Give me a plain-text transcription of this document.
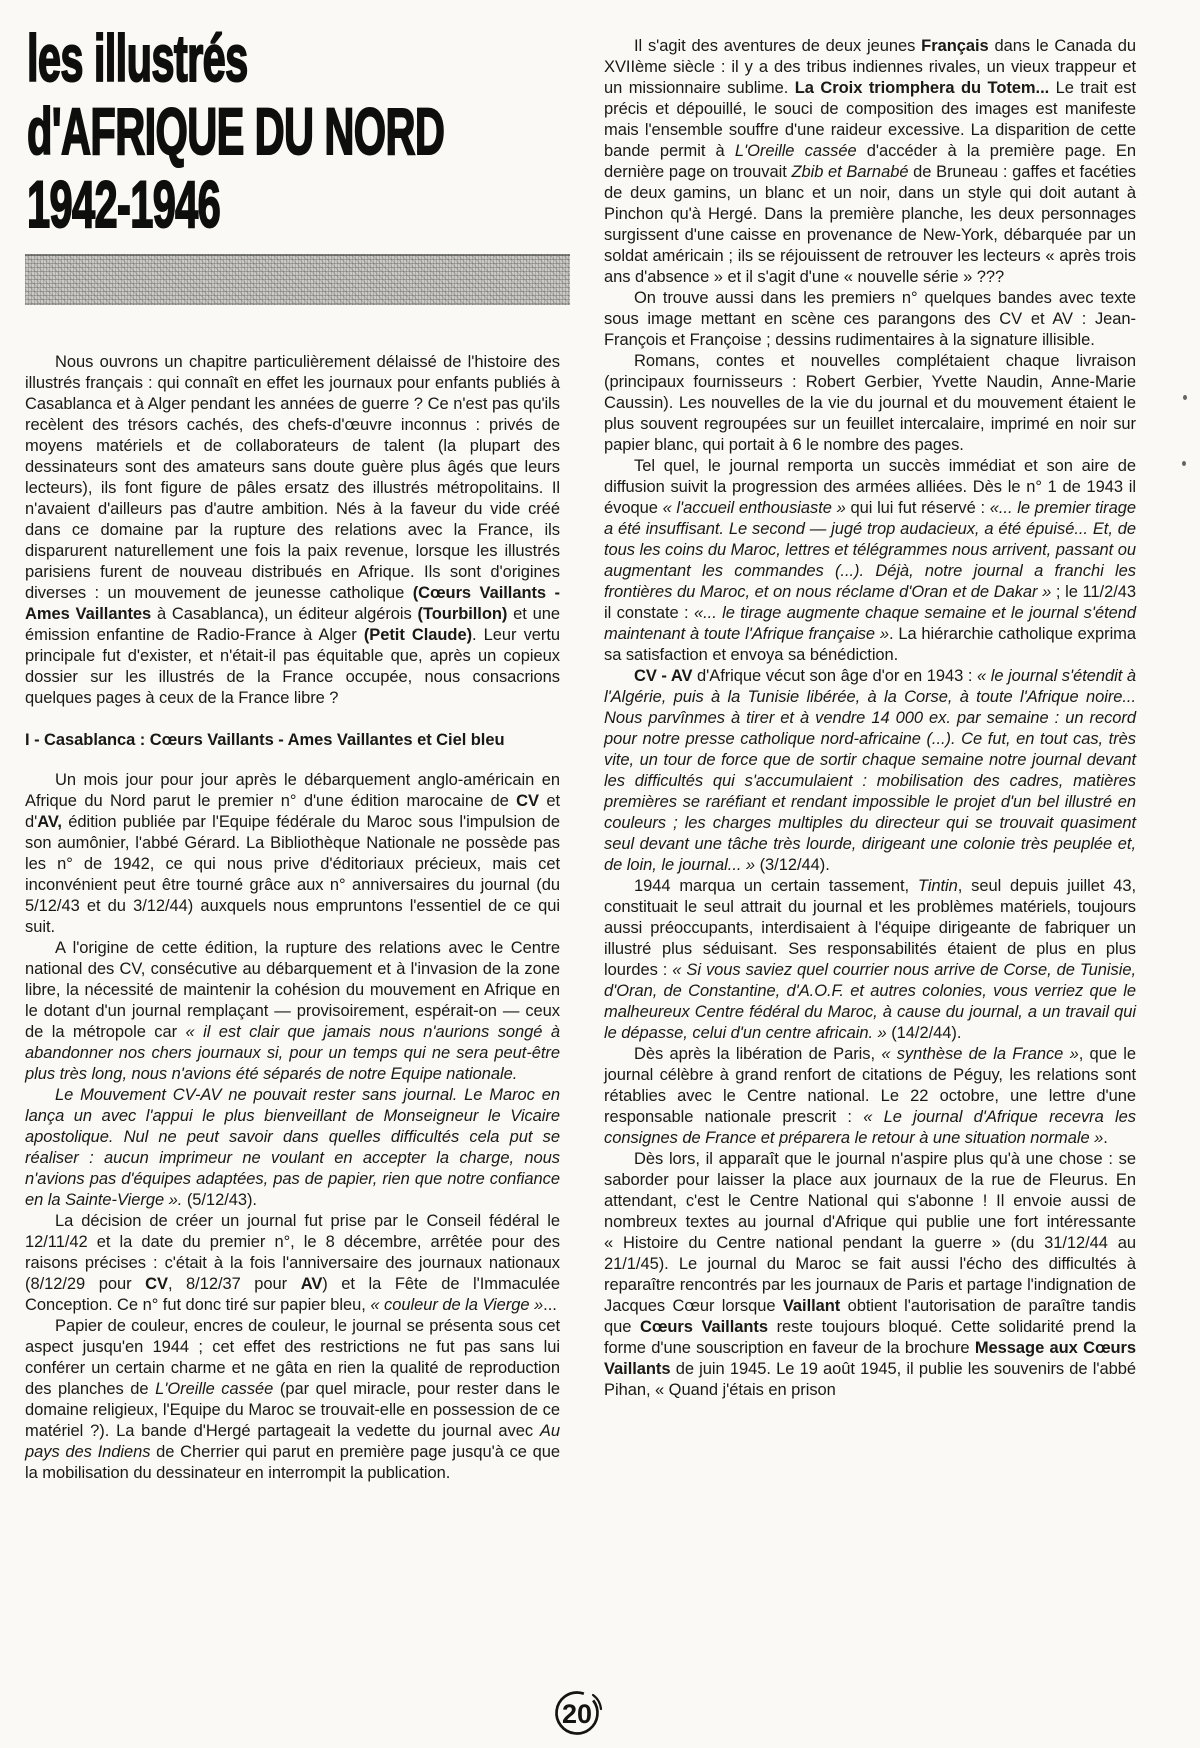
les illustrés
d'AFRIQUE DU NORD
1942-1946

Nous ouvrons un chapitre particulièrement délaissé de l'histoire des illustrés français : qui connaît en effet les journaux pour enfants publiés à Casablanca et à Alger pendant les années de guerre ? Ce n'est pas qu'ils recèlent des trésors cachés, des chefs-d'œuvre inconnus : privés de moyens matériels et de collaborateurs de talent (la plupart des dessinateurs sont des amateurs sans doute guère plus âgés que leurs lecteurs), ils font figure de pâles ersatz des illustrés métropolitains. Il n'avaient d'ailleurs pas d'autre ambition. Nés à la faveur du vide créé dans ce domaine par la rupture des relations avec la France, ils disparurent naturellement une fois la paix revenue, lorsque les illustrés parisiens furent de nouveau distribués en Afrique. Ils sont d'origines diverses : un mouvement de jeunesse catholique (Cœurs Vaillants - Ames Vaillantes à Casablanca), un éditeur algérois (Tourbillon) et une émission enfantine de Radio-France à Alger (Petit Claude). Leur vertu principale fut d'exister, et n'était-il pas équitable que, après un copieux dossier sur les illustrés de la France occupée, nous consacrions quelques pages à ceux de la France libre ?

I - Casablanca : Cœurs Vaillants - Ames Vaillantes et Ciel bleu

Un mois jour pour jour après le débarquement anglo-américain en Afrique du Nord parut le premier n° d'une édition marocaine de CV et d'AV, édition publiée par l'Equipe fédérale du Maroc sous l'impulsion de son aumônier, l'abbé Gérard. La Bibliothèque Nationale ne possède pas les n° de 1942, ce qui nous prive d'éditoriaux précieux, mais cet inconvénient peut être tourné grâce aux n° anniversaires du journal (du 5/12/43 et du 3/12/44) auxquels nous empruntons l'essentiel de ce qui suit.

A l'origine de cette édition, la rupture des relations avec le Centre national des CV, consécutive au débarquement et à l'invasion de la zone libre, la nécessité de maintenir la cohésion du mouvement en Afrique en le dotant d'un journal remplaçant — provisoirement, espérait-on — ceux de la métropole car « il est clair que jamais nous n'aurions songé à abandonner nos chers journaux si, pour un temps qui ne sera peut-être plus très long, nous n'avions été séparés de notre Equipe nationale.

Le Mouvement CV-AV ne pouvait rester sans journal. Le Maroc en lança un avec l'appui le plus bienveillant de Monseigneur le Vicaire apostolique. Nul ne peut savoir dans quelles difficultés cela put se réaliser : aucun imprimeur ne voulant en accepter la charge, nous n'avions pas d'équipes adaptées, pas de papier, rien que notre confiance en la Sainte-Vierge ». (5/12/43).

La décision de créer un journal fut prise par le Conseil fédéral le 12/11/42 et la date du premier n°, le 8 décembre, arrêtée pour des raisons précises : c'était à la fois l'anniversaire des journaux nationaux (8/12/29 pour CV, 8/12/37 pour AV) et la Fête de l'Immaculée Conception. Ce n° fut donc tiré sur papier bleu, « couleur de la Vierge »...

Papier de couleur, encres de couleur, le journal se présenta sous cet aspect jusqu'en 1944 ; cet effet des restrictions ne fut pas sans lui conférer un certain charme et ne gâta en rien la qualité de reproduction des planches de L'Oreille cassée (par quel miracle, pour rester dans le domaine religieux, l'Equipe du Maroc se trouvait-elle en possession de ce matériel ?). La bande d'Hergé partageait la vedette du journal avec Au pays des Indiens de Cherrier qui parut en première page jusqu'à ce que la mobilisation du dessinateur en interrompit la publication.

Il s'agit des aventures de deux jeunes Français dans le Canada du XVIIème siècle : il y a des tribus indiennes rivales, un vieux trappeur et un missionnaire sublime. La Croix triomphera du Totem... Le trait est précis et dépouillé, le souci de composition des images est manifeste mais l'ensemble souffre d'une raideur excessive. La disparition de cette bande permit à L'Oreille cassée d'accéder à la première page. En dernière page on trouvait Zbib et Barnabé de Bruneau : gaffes et facéties de deux gamins, un blanc et un noir, dans un style qui doit autant à Pinchon qu'à Hergé. Dans la première planche, les deux personnages surgissent d'une caisse en provenance de New-York, débarquée par un soldat américain ; ils se réjouissent de retrouver les lecteurs « après trois ans d'absence » et il s'agit d'une « nouvelle série » ???

On trouve aussi dans les premiers n° quelques bandes avec texte sous image mettant en scène ces parangons des CV et AV : Jean-François et Françoise ; dessins rudimentaires à la signature illisible.

Romans, contes et nouvelles complétaient chaque livraison (principaux fournisseurs : Robert Gerbier, Yvette Naudin, Anne-Marie Caussin). Les nouvelles de la vie du journal et du mouvement étaient le plus souvent regroupées sur un feuillet intercalaire, imprimé en noir sur papier blanc, qui portait à 6 le nombre des pages.

Tel quel, le journal remporta un succès immédiat et son aire de diffusion suivit la progression des armées alliées. Dès le n° 1 de 1943 il évoque « l'accueil enthousiaste » qui lui fut réservé : «... le premier tirage a été insuffisant. Le second — jugé trop audacieux, a été épuisé... Et, de tous les coins du Maroc, lettres et télégrammes nous arrivent, passant ou augmentant les commandes (...). Déjà, notre journal a franchi les frontières du Maroc, et on nous réclame d'Oran et de Dakar » ; le 11/2/43 il constate : «... le tirage augmente chaque semaine et le journal s'étend maintenant à toute l'Afrique française ». La hiérarchie catholique exprima sa satisfaction et envoya sa bénédiction.

CV - AV d'Afrique vécut son âge d'or en 1943 : « le journal s'étendit à l'Algérie, puis à la Tunisie libérée, à la Corse, à toute l'Afrique noire... Nous parvînmes à tirer et à vendre 14 000 ex. par semaine : un record pour notre presse catholique nord-africaine (...). Ce fut, en tout cas, très vite, un tour de force que de sortir chaque semaine notre journal devant les difficultés qui s'accumulaient : mobilisation des cadres, matières premières se raréfiant et rendant impossible le projet d'un bel illustré en couleurs ; les charges multiples du directeur qui se trouvait quasiment seul devant une tâche très lourde, dirigeant une colonie très peuplée et, de loin, le journal... » (3/12/44).

1944 marqua un certain tassement, Tintin, seul depuis juillet 43, constituait le seul attrait du journal et les problèmes matériels, toujours aussi préoccupants, interdisaient à l'équipe dirigeante de fabriquer un illustré plus séduisant. Ses responsabilités étaient de plus en plus lourdes : « Si vous saviez quel courrier nous arrive de Corse, de Tunisie, d'Oran, de Constantine, d'A.O.F. et autres colonies, vous verriez que le malheureux Centre fédéral du Maroc, à cause du journal, a un travail qui le dépasse, celui d'un centre africain. » (14/2/44).

Dès après la libération de Paris, « synthèse de la France », que le journal célèbre à grand renfort de citations de Péguy, les relations sont rétablies avec le Centre national. Le 22 octobre, une lettre d'une responsable nationale prescrit : « Le journal d'Afrique recevra les consignes de France et préparera le retour à une situation normale ».

Dès lors, il apparaît que le journal n'aspire plus qu'à une chose : se saborder pour laisser la place aux journaux de la rue de Fleurus. En attendant, c'est le Centre National qui s'abonne ! Il envoie aussi de nombreux textes au journal d'Afrique qui publie une fort intéressante « Histoire du Centre national pendant la guerre » (du 31/12/44 au 21/1/45). Le journal du Maroc se fait aussi l'écho des difficultés à reparaître rencontrés par les journaux de Paris et partage l'indignation de Jacques Cœur lorsque Vaillant obtient l'autorisation de paraître tandis que Cœurs Vaillants reste toujours bloqué. Cette solidarité prend la forme d'une souscription en faveur de la brochure Message aux Cœurs Vaillants de juin 1945. Le 19 août 1945, il publie les souvenirs de l'abbé Pihan, « Quand j'étais en prison

20
